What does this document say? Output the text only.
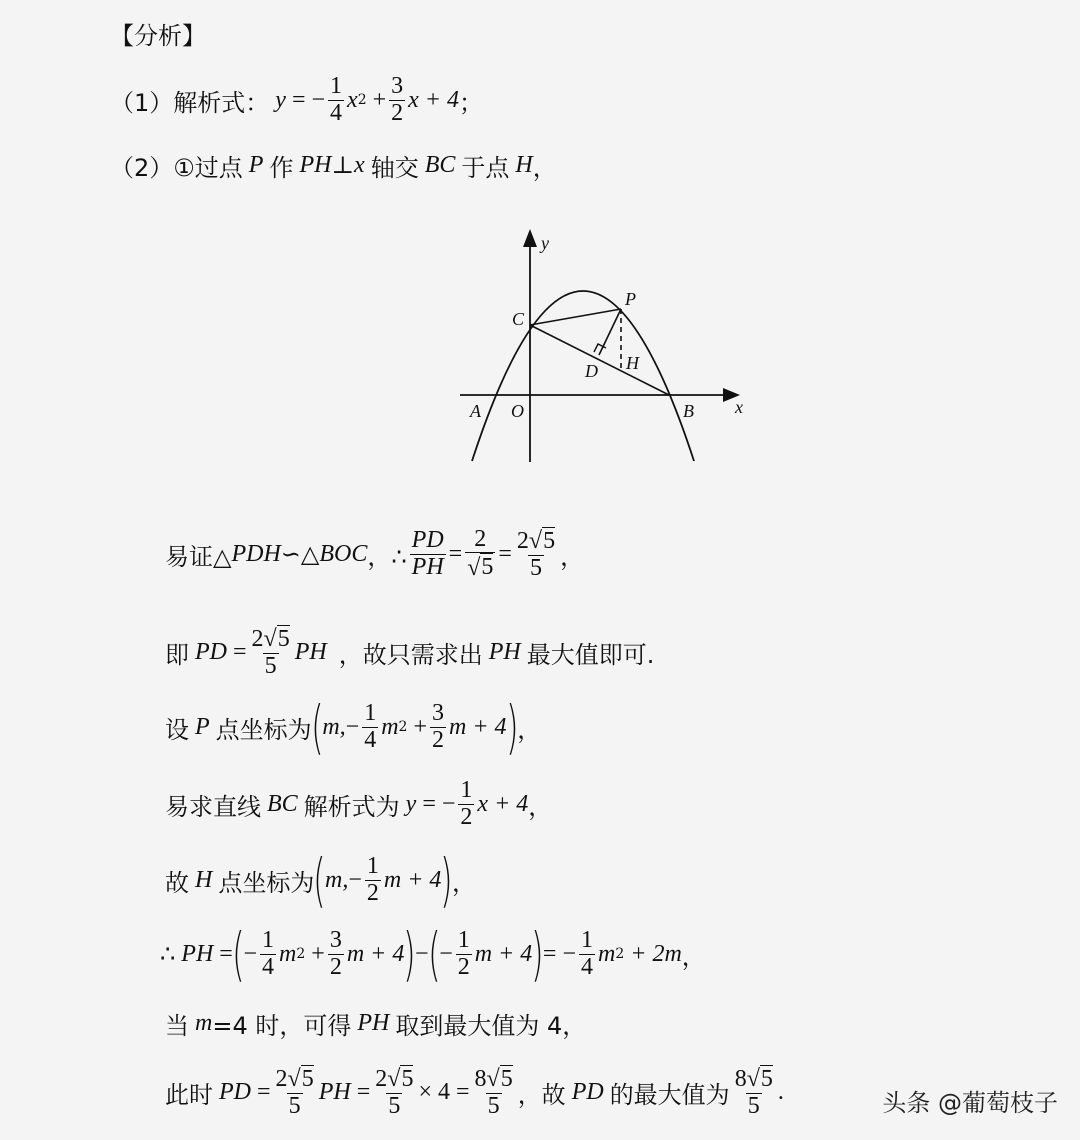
【分析】
（1）解析式： y = − $\frac{1}{4}$ x $2 + \frac{3}{2}$ x + 4 ；
（2）①过点 P 作 PH ⊥ x 轴交 BC 于点 H ，
y
x
A O	B
C
P
D H
易证△ PDH ∽ △ BOC ，∴ $\frac{PD}{PH} = \frac{2}{√ 5} = \frac{2 √ 5}{5}$ ，
即 PD = $\frac{2 √ 5}{5}$ PH ，故只需求出 PH 最大值即可.
设 P 点坐标为 ( m, − $\frac{1}{4}$ m $2 + \frac{3}{2}$ m + 4 ) ，
易求直线 BC 解析式为 y = − $\frac{1}{2}$ x + 4 ，
故 H 点坐标为 ( m, − $\frac{1}{2}$ m + 4 ) ，
∴ PH = ( − $\frac{1}{4}$ m $2 + \frac{3}{2}$ m + 4 ) − ( − $\frac{1}{2}$ m + 4 ) = − $\frac{1}{4}$ m 2 + 2m ，
当 m =4 时，可得 PH 取到最大值为 4，
此时 PD = $\frac{2 √ 5}{5}$ PH = $\frac{2 √ 5}{5} \times 4 = \frac{8 √ 5}{5}$ ，故 PD 的最大值为 $\frac{8 √ 5}{5}$ .	头条 @葡萄枝子
